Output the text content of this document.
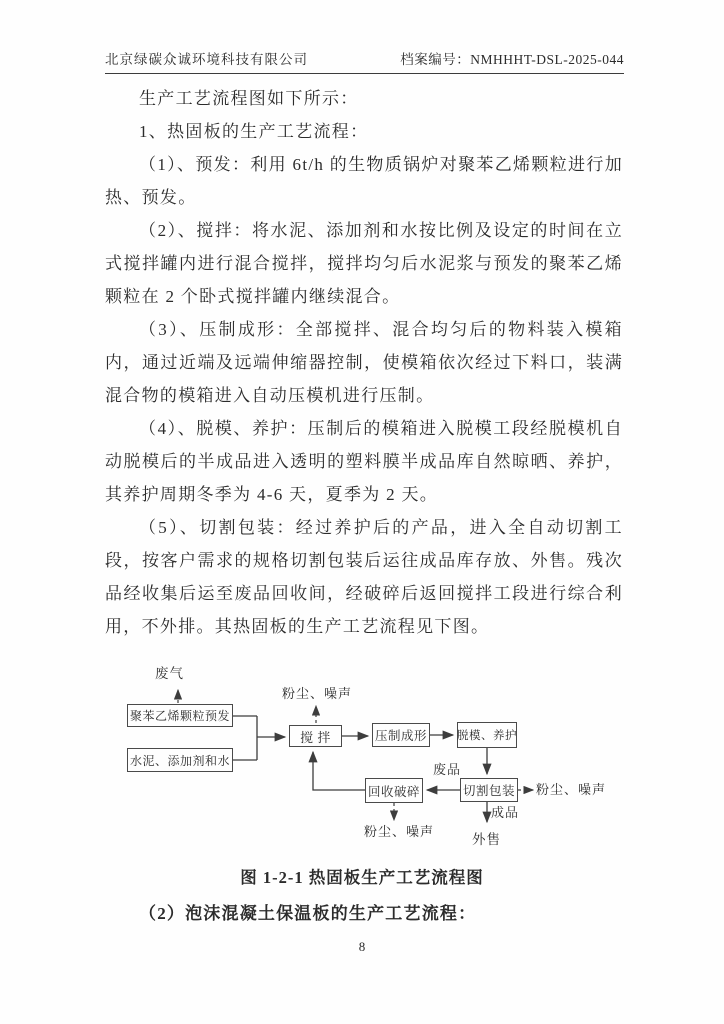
北京绿碳众诚环境科技有限公司	档案编号：NMHHHT-DSL-2025-044

生产工艺流程图如下所示：

1、热固板的生产工艺流程：

（1）、预发：利用 6t/h 的生物质锅炉对聚苯乙烯颗粒进行加热、预发。

（2）、搅拌：将水泥、添加剂和水按比例及设定的时间在立式搅拌罐内进行混合搅拌，搅拌均匀后水泥浆与预发的聚苯乙烯颗粒在 2 个卧式搅拌罐内继续混合。

（3）、压制成形：全部搅拌、混合均匀后的物料装入模箱内，通过近端及远端伸缩器控制，使模箱依次经过下料口，装满混合物的模箱进入自动压模机进行压制。

（4）、脱模、养护：压制后的模箱进入脱模工段经脱模机自动脱模后的半成品进入透明的塑料膜半成品库自然晾晒、养护，其养护周期冬季为 4-6 天，夏季为 2 天。

（5）、切割包装：经过养护后的产品，进入全自动切割工段，按客户需求的规格切割包装后运往成品库存放、外售。残次品经收集后运至废品回收间，经破碎后返回搅拌工段进行综合利用，不外排。其热固板的生产工艺流程见下图。

聚苯乙烯颗粒预发
水泥、添加剂和水
搅 拌	压制成形	脱模、养护
回收破碎	切割包装
废气
粉尘、噪声
废品
粉尘、噪声
粉尘、噪声
成品
外售
图 1-2-1 热固板生产工艺流程图
（2）泡沫混凝土保温板的生产工艺流程：
8
